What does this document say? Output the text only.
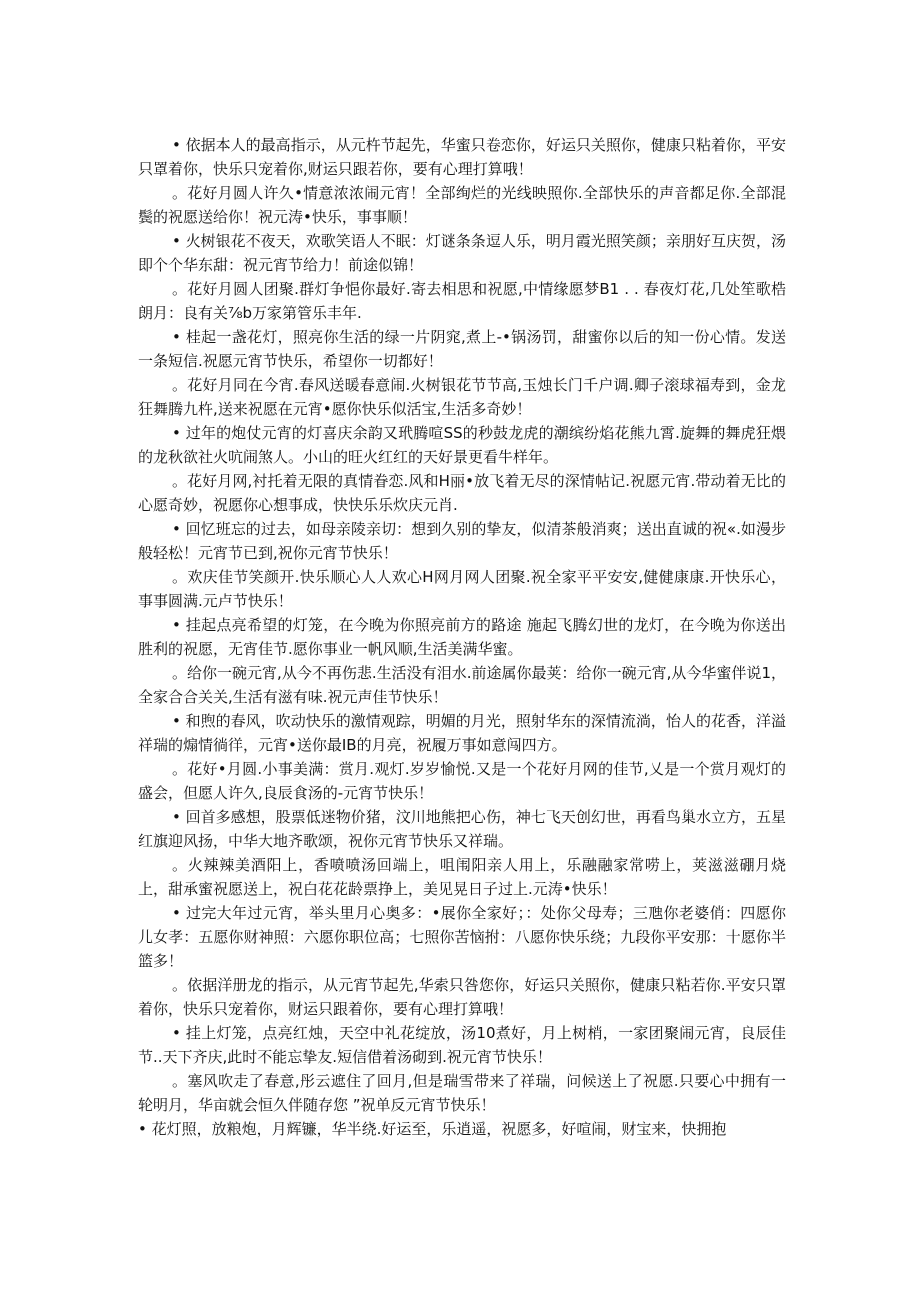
• 依据本人的最高指示，从元杵节起先，华蜜只卷恋你，好运只关照你，健康只粘着你，平安只罩着你，快乐只宠着你,财运只跟若你，要有心理打算哦！

。花好月圆人许久•情意浓浓闹元宵！全部绚烂的光线映照你.全部快乐的声音都足你.全部混鬓的祝愿送给你！祝元涛•快乐，事事顺！

• 火树银花不夜天，欢歌笑语人不眠：灯谜条条逗人乐，明月霞光照笑颜；亲朋好互庆贺，汤即个个华东甜：祝元宵节给力！前途似锦！

。花好月圆人团聚.群灯争悒你最好.寄去相思和祝愿,中情缘愿梦B1 . . 春夜灯花,几处笙歌梏朗月：良有关⅞b万家第管乐丰年.

• 桂起一盏花灯，照亮你生活的绿一片阴窕,煮上-•锅汤罚，甜蜜你以后的知一份心情。发送一条短信.祝愿元宵节快乐，希望你一切都好！

。花好月同在今宵.春风送暖春意闹.火树银花节节高,玉烛长门千户调.卿子滚球福寿到，金龙狂舞腾九杵,送来祝愿在元宵•愿你快乐似活宝,生活多奇妙！

• 过年的炮仗元宵的灯喜庆余韵又玳腾喧SS的秒鼓龙虎的潮缤纷焰花熊九霄.旋舞的舞虎狂煨的龙秋欲社火吭闹煞人。小山的旺火红红的天好景更看牛样年。

。花好月网,衬托着无限的真情眷恋.风和H丽•放飞着无尽的深情帖记.祝愿元宵.带动着无比的心愿奇妙，祝愿你心想事成，快快乐乐炊庆元肖.

• 回忆班忘的过去，如母亲陵亲切：想到久别的挚友，似清茶般消爽；送出直诚的祝«.如漫步般轻松！元宵节已到,祝你元宵节快乐！

。欢庆佳节笑颜开.快乐顺心人人欢心H网月网人团聚.祝全家平平安安,健健康康.开快乐心，事事圆满.元卢节快乐！

• 挂起点亮希望的灯笼，在今晚为你照亮前方的路途 施起飞腾幻世的龙灯，在今晚为你送出胜利的祝愿，无宵佳节.愿你事业一帆风顺,生活美满华蜜。

。给你一碗元宵,从今不再伤悲.生活没有泪水.前途属你最荚：给你一碗元宵,从今华蜜伴说1，全家合合关关,生活有滋有味.祝元声佳节快乐！

• 和煦的春风，吹动快乐的激情观踪，明媚的月光，照射华东的深情流淌，怡人的花香，洋溢祥瑞的煽情徜徉，元宵•送你最IB的月亮，祝履万事如意闯四方。

。花好•月圆.小事美满：赏月.观灯.岁岁愉悦.又是一个花好月网的佳节,乂是一个赏月观灯的盛会，但愿人许久,良辰食汤的-元宵节快乐！

• 回首多感想，股票低迷物价猪，汶川地熊把心伤，神七飞天创幻世，再看鸟巢水立方，五星红旗迎风扬，中华大地齐歌颂，祝你元宵节快乐又祥瑞。

。火辣辣美酒阳上，香喷喷汤回端上，咀闱阳亲人用上，乐融融家常唠上，荚滋滋硼月烧上，甜承蜜祝愿送上，祝白花花龄票挣上，美见晃日子过上.元涛•快乐！

• 过完大年过元宵，举头里月心奥多：•展你全家好；：处你父母寿；三虺你老婆俏：四愿你儿女孝：五愿你财神照：六愿你职位高；七照你苦恼拊：八愿你快乐绕；九段你平安那：十愿你半篮多！

。依据洋册龙的指示，从元宵节起先,华索只咎您你，好运只关照你，健康只粘若你.平安只罩着你，快乐只宠着你，财运只跟着你，要有心理打算哦！

• 挂上灯笼，点亮红烛，天空中礼花绽放，汤10煮好，月上树梢，一家团聚闹元宵，良辰佳节..天下齐庆,此时不能忘挚友.短信借着汤砌到.祝元宵节快乐！

。塞风吹走了春意,彤云遮住了回月,但是瑞雪带来了祥瑞，问候送上了祝愿.只要心中拥有一轮明月，华亩就会恒久伴随存您 ”祝单反元宵节快乐！

• 花灯照，放粮炮，月辉镰，华半绕.好运至，乐逍遥，祝愿多，好喧闹，财宝来，快拥抱
